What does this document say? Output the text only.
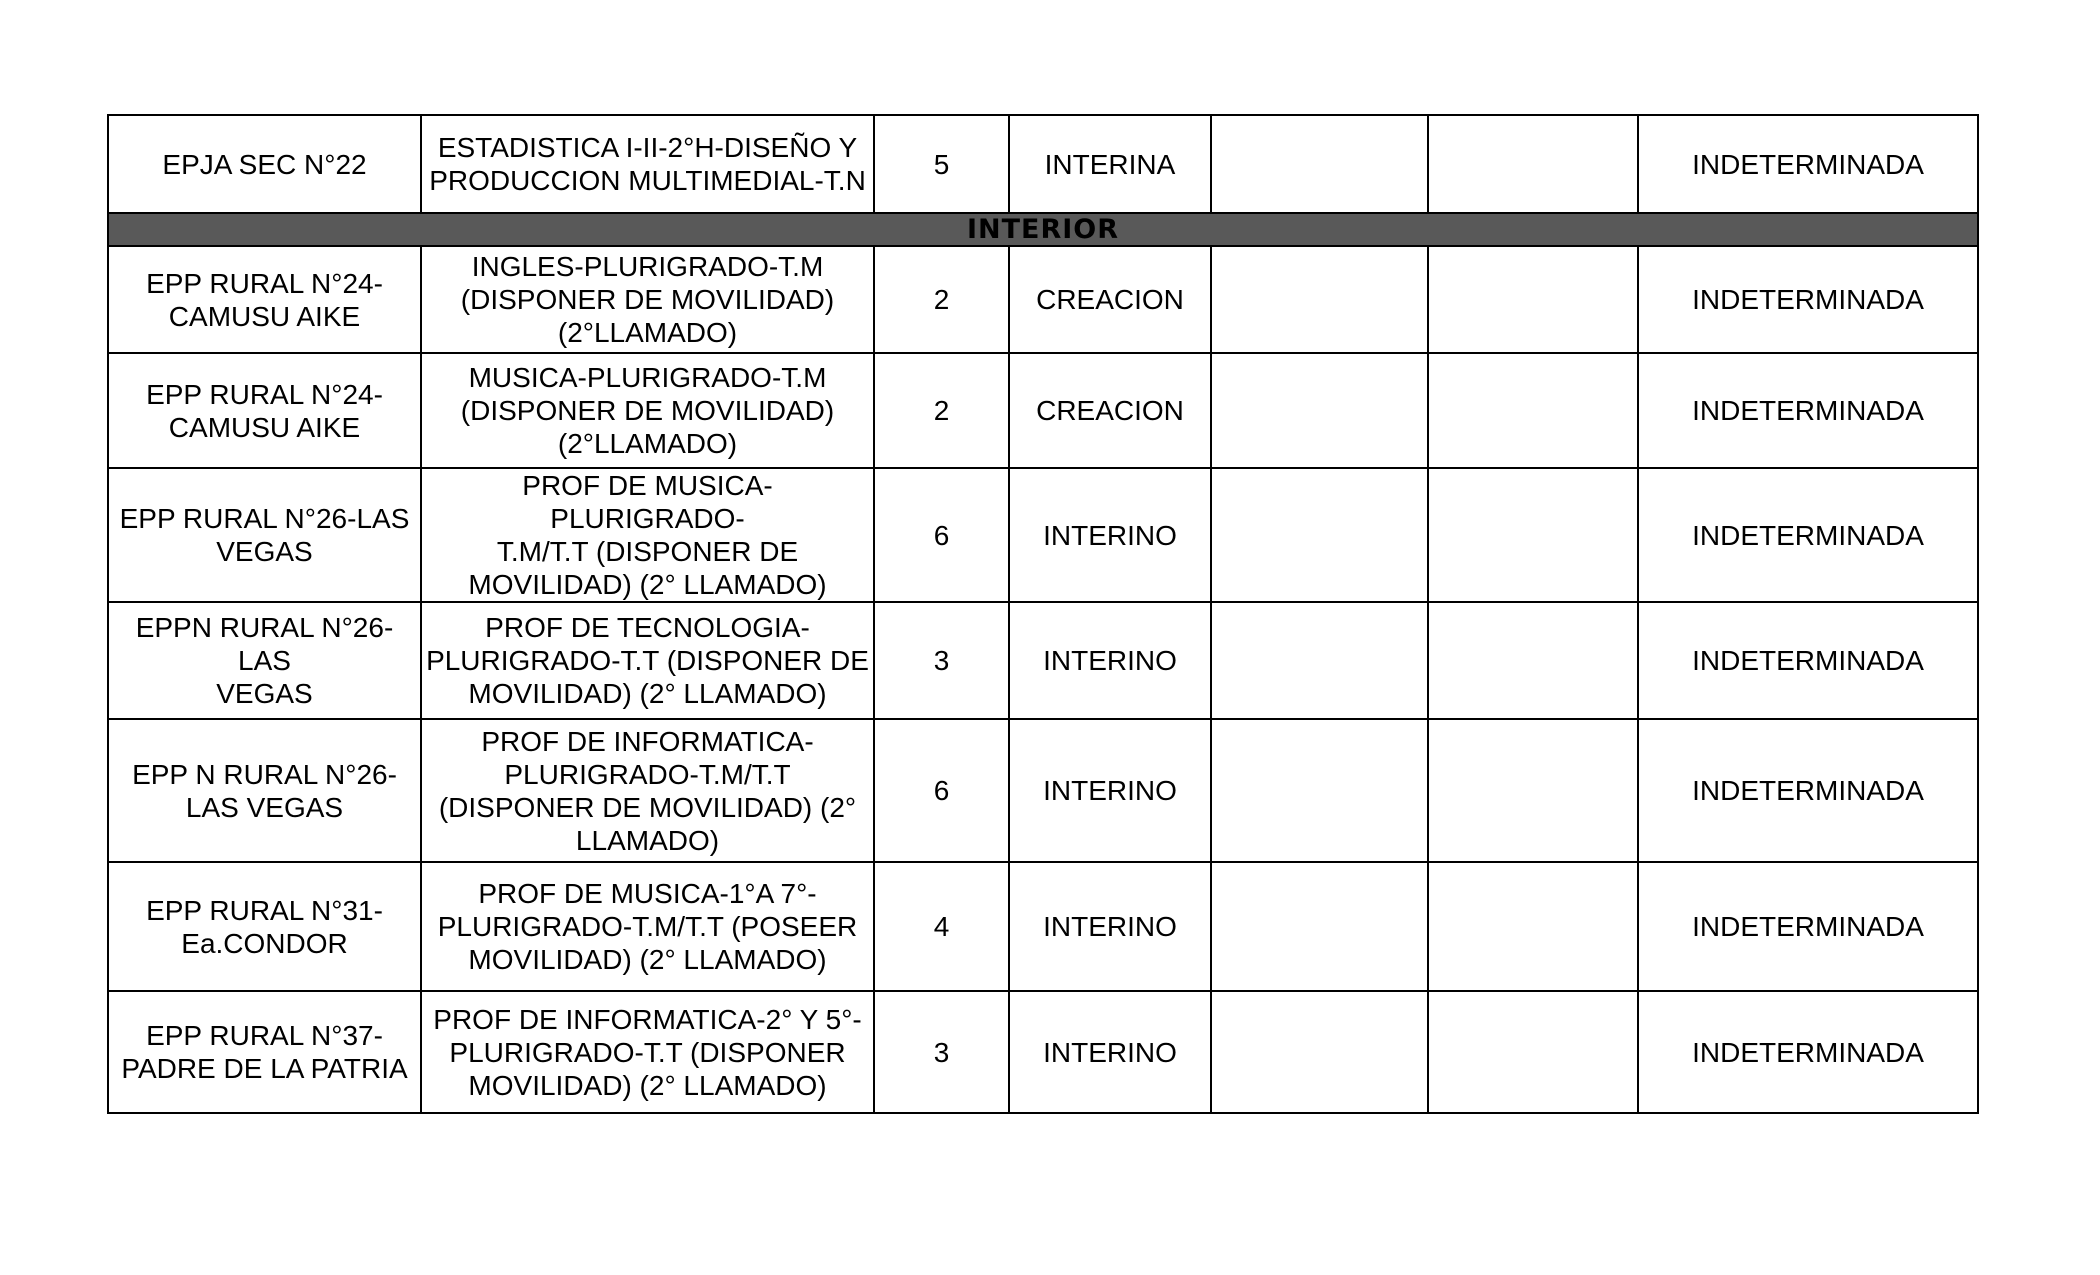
EPJA SEC N°22	ESTADISTICA I-II-2°H-DISEÑO Y
PRODUCCION MULTIMEDIAL-T.N	5	INTERINA			INDETERMINADA
INTERIOR						
EPP RURAL N°24-
CAMUSU AIKE	INGLES-PLURIGRADO-T.M
(DISPONER DE MOVILIDAD)
(2°LLAMADO)	2	CREACION			INDETERMINADA
EPP RURAL N°24-
CAMUSU AIKE	MUSICA-PLURIGRADO-T.M
(DISPONER DE MOVILIDAD)
(2°LLAMADO)	2	CREACION			INDETERMINADA
EPP RURAL N°26-LAS
VEGAS	PROF DE MUSICA-PLURIGRADO-
T.M/T.T (DISPONER DE
MOVILIDAD) (2° LLAMADO)	6	INTERINO			INDETERMINADA
EPPN RURAL N°26-LAS
VEGAS	PROF DE TECNOLOGIA-
PLURIGRADO-T.T (DISPONER DE
MOVILIDAD) (2° LLAMADO)	3	INTERINO			INDETERMINADA
EPP N RURAL N°26-
LAS VEGAS	PROF DE INFORMATICA-
PLURIGRADO-T.M/T.T
(DISPONER DE MOVILIDAD) (2°
LLAMADO)	6	INTERINO			INDETERMINADA
EPP RURAL N°31-
Ea.CONDOR	PROF DE MUSICA-1°A 7°-
PLURIGRADO-T.M/T.T (POSEER
MOVILIDAD) (2° LLAMADO)	4	INTERINO			INDETERMINADA
EPP RURAL N°37-
PADRE DE LA PATRIA	PROF DE INFORMATICA-2° Y 5°-
PLURIGRADO-T.T (DISPONER
MOVILIDAD) (2° LLAMADO)	3	INTERINO			INDETERMINADA
